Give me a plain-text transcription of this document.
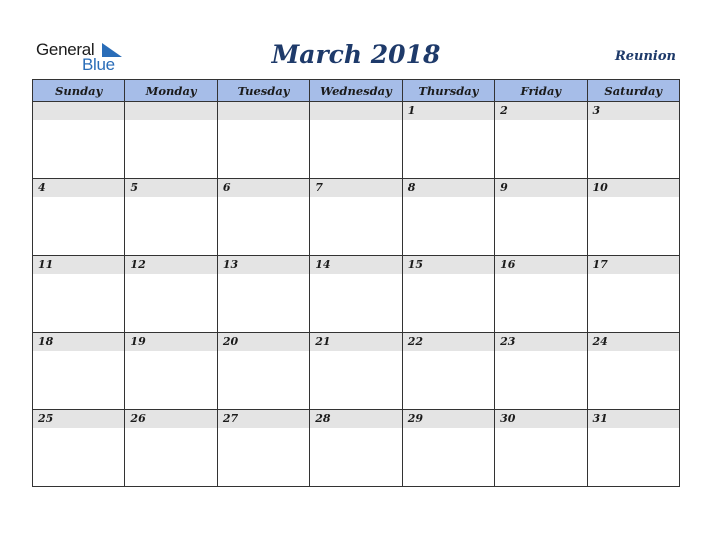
General
Blue	March 2018	Reunion
Sunday	Monday	Tuesday	Wednesday	Thursday	Friday	Saturday

				1	2	3

4	5	6	7	8	9	10

11	12	13	14	15	16	17

18	19	20	21	22	23	24

25	26	27	28	29	30	31
